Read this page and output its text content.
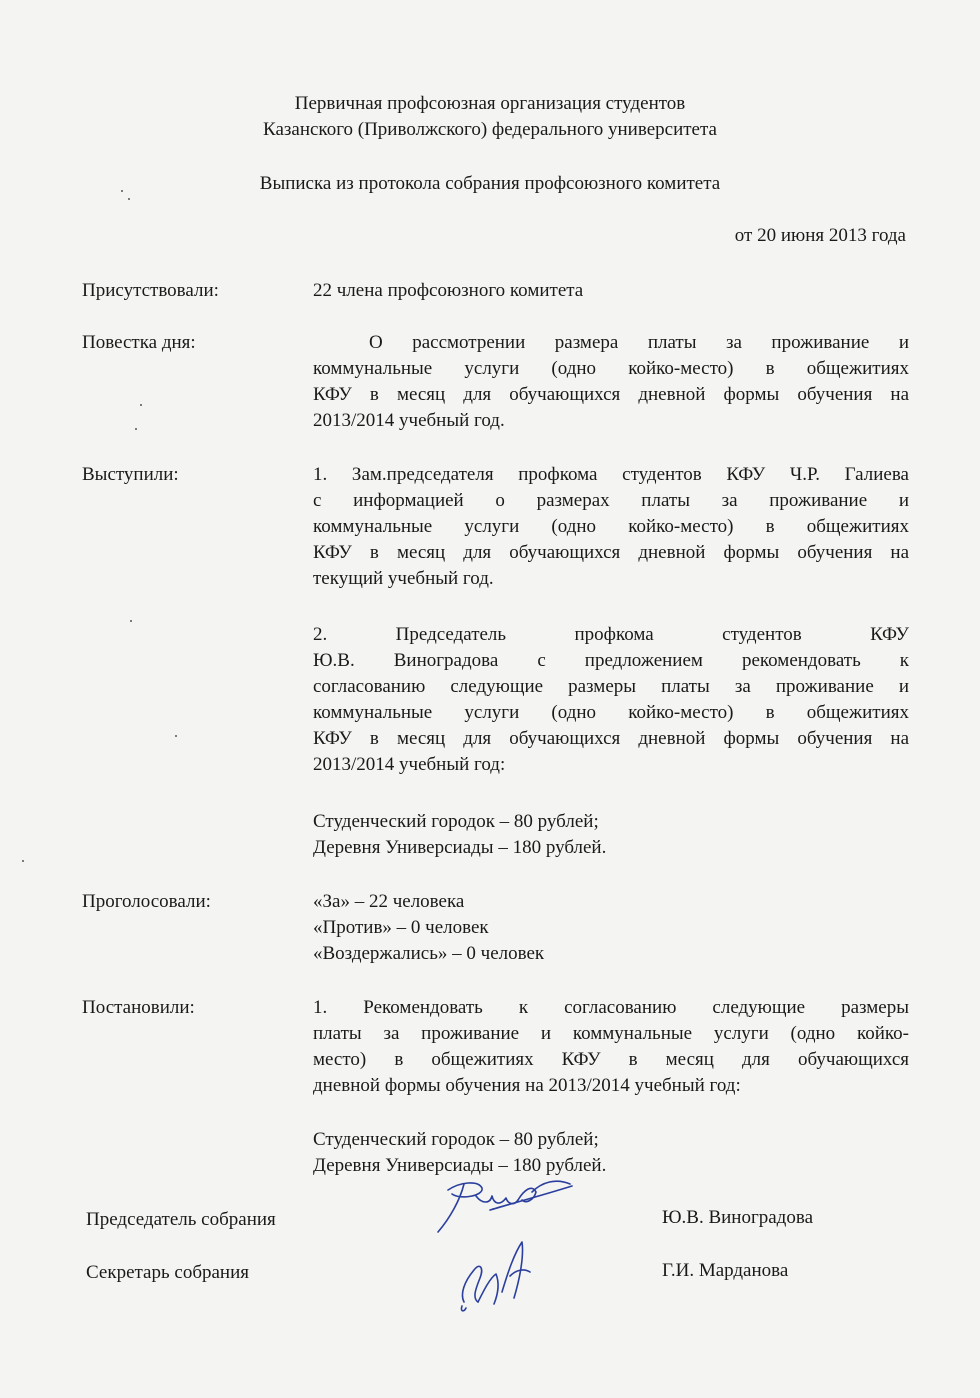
Первичная профсоюзная организация студентов
Казанского (Приволжского) федерального университета
Выписка из протокола собрания профсоюзного комитета
от 20 июня 2013 года
Присутствовали:	22 члена профсоюзного комитета
Повестка дня:	О рассмотрении размера платы за проживание и
коммунальные услуги (одно койко-место) в общежитиях
КФУ в месяц для обучающихся дневной формы обучения на
2013/2014 учебный год.
Выступили:	1. Зам.председателя профкома студентов КФУ Ч.Р. Галиева
с информацией о размерах платы за проживание и
коммунальные услуги (одно койко-место) в общежитиях
КФУ в месяц для обучающихся дневной формы обучения на
текущий учебный год.
2. Председатель профкома студентов КФУ
Ю.В. Виноградова с предложением рекомендовать к
согласованию следующие размеры платы за проживание и
коммунальные услуги (одно койко-место) в общежитиях
КФУ в месяц для обучающихся дневной формы обучения на
2013/2014 учебный год:
Студенческий городок – 80 рублей;
Деревня Универсиады – 180 рублей.
Проголосовали:	«За» – 22 человека
«Против» – 0 человек
«Воздержались» – 0 человек
Постановили:	1. Рекомендовать к согласованию следующие размеры
платы за проживание и коммунальные услуги (одно койко-
место) в общежитиях КФУ в месяц для обучающихся
дневной формы обучения на 2013/2014 учебный год:
Студенческий городок – 80 рублей;
Деревня Универсиады – 180 рублей.
Председатель собрания	Ю.В. Виноградова
Секретарь собрания	Г.И. Марданова
